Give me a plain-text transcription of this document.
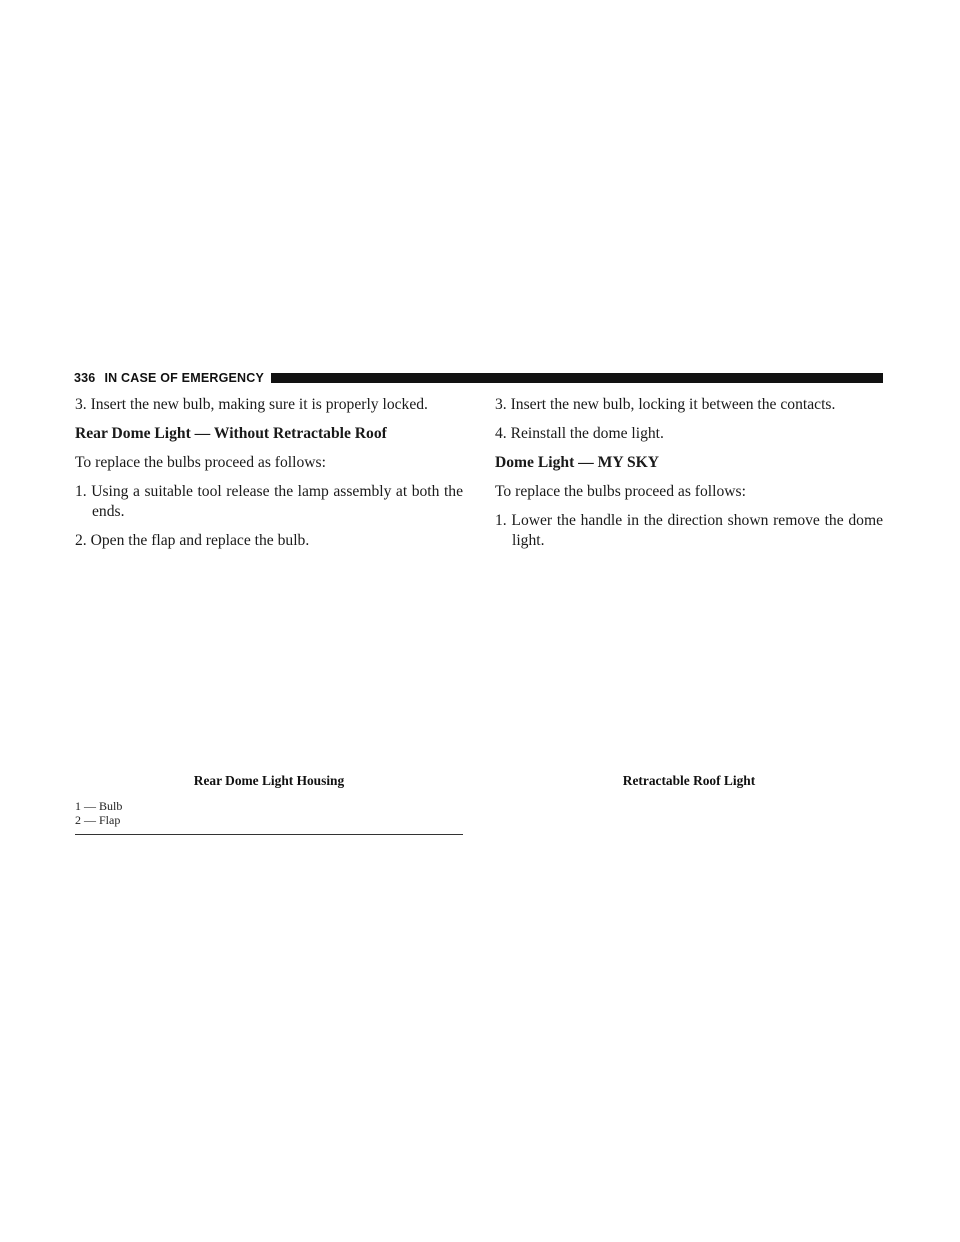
336 IN CASE OF EMERGENCY

3. Insert the new bulb, making sure it is properly locked.

Rear Dome Light — Without Retractable Roof

To replace the bulbs proceed as follows:

1. Using a suitable tool release the lamp assembly at both the ends.

2. Open the flap and replace the bulb.

3. Insert the new bulb, locking it between the contacts.

4. Reinstall the dome light.

Dome Light — MY SKY

To replace the bulbs proceed as follows:

1. Lower the handle in the direction shown remove the dome light.

Rear Dome Light Housing	Retractable Roof Light
1 — Bulb
2 — Flap
